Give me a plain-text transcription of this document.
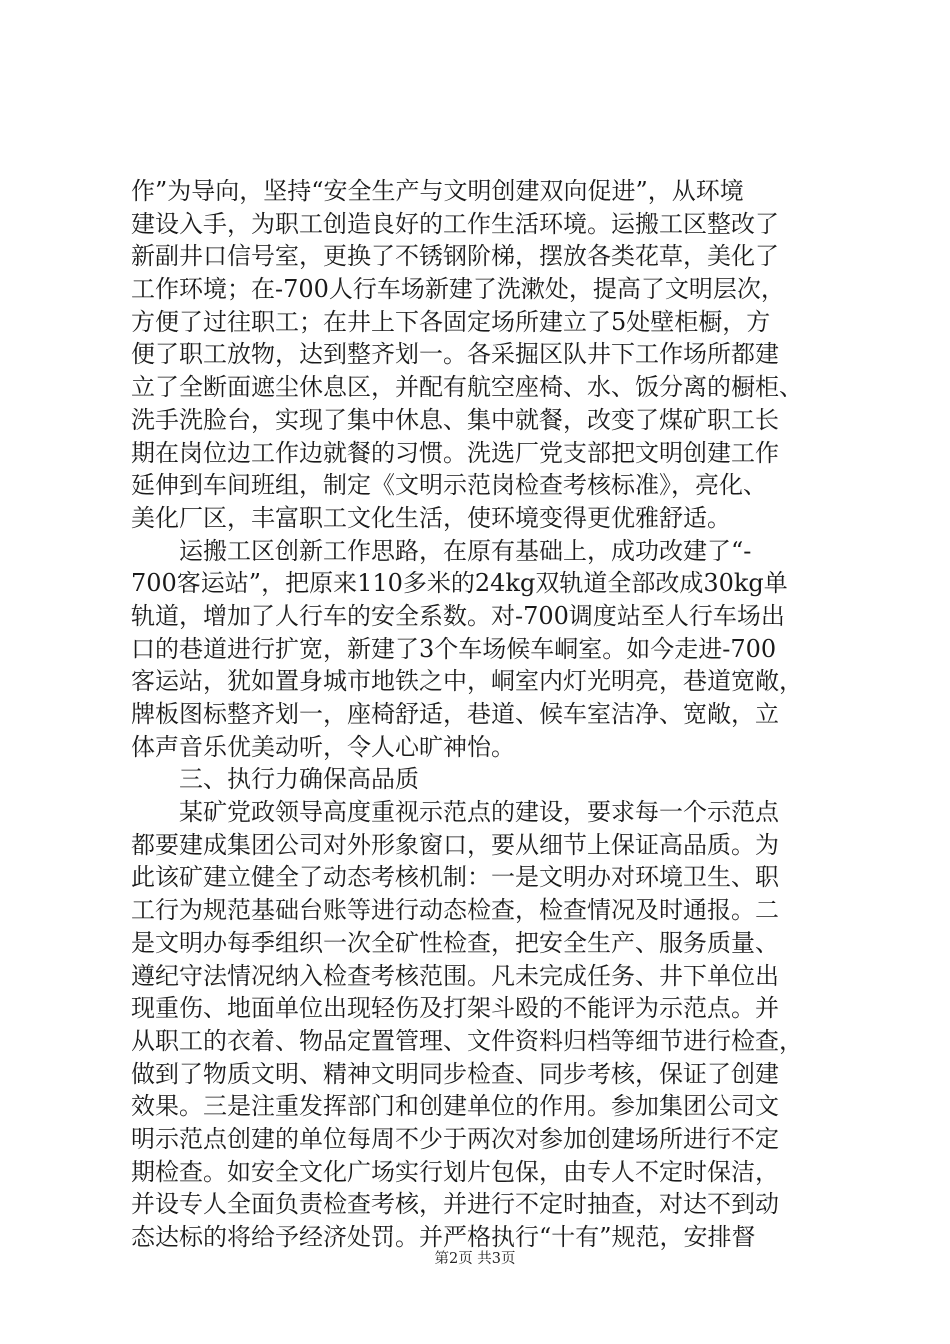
作”为导向，坚持“安全生产与文明创建双向促进”，从环境
建设入手，为职工创造良好的工作生活环境。运搬工区整改了
新副井口信号室，更换了不锈钢阶梯，摆放各类花草，美化了
工作环境；在-700人行车场新建了洗漱处，提高了文明层次，
方便了过往职工；在井上下各固定场所建立了5处壁柜橱，方
便了职工放物，达到整齐划一。各采掘区队井下工作场所都建
立了全断面遮尘休息区，并配有航空座椅、水、饭分离的橱柜、
洗手洗脸台，实现了集中休息、集中就餐，改变了煤矿职工长
期在岗位边工作边就餐的习惯。洗选厂党支部把文明创建工作
延伸到车间班组，制定《文明示范岗检查考核标准》，亮化、
美化厂区，丰富职工文化生活，使环境变得更优雅舒适。
　　运搬工区创新工作思路，在原有基础上，成功改建了“-
700客运站”，把原来110多米的24kg双轨道全部改成30kg单
轨道，增加了人行车的安全系数。对-700调度站至人行车场出
口的巷道进行扩宽，新建了3个车场候车峒室。如今走进-700
客运站，犹如置身城市地铁之中，峒室内灯光明亮，巷道宽敞，
牌板图标整齐划一，座椅舒适，巷道、候车室洁净、宽敞，立
体声音乐优美动听，令人心旷神怡。
　　三、执行力确保高品质
　　某矿党政领导高度重视示范点的建设，要求每一个示范点
都要建成集团公司对外形象窗口，要从细节上保证高品质。为
此该矿建立健全了动态考核机制：一是文明办对环境卫生、职
工行为规范基础台账等进行动态检查，检查情况及时通报。二
是文明办每季组织一次全矿性检查，把安全生产、服务质量、
遵纪守法情况纳入检查考核范围。凡未完成任务、井下单位出
现重伤、地面单位出现轻伤及打架斗殴的不能评为示范点。并
从职工的衣着、物品定置管理、文件资料归档等细节进行检查，
做到了物质文明、精神文明同步检查、同步考核，保证了创建
效果。三是注重发挥部门和创建单位的作用。参加集团公司文
明示范点创建的单位每周不少于两次对参加创建场所进行不定
期检查。如安全文化广场实行划片包保，由专人不定时保洁，
并设专人全面负责检查考核，并进行不定时抽查，对达不到动
态达标的将给予经济处罚。并严格执行“十有”规范，安排督
第2页 共3页
